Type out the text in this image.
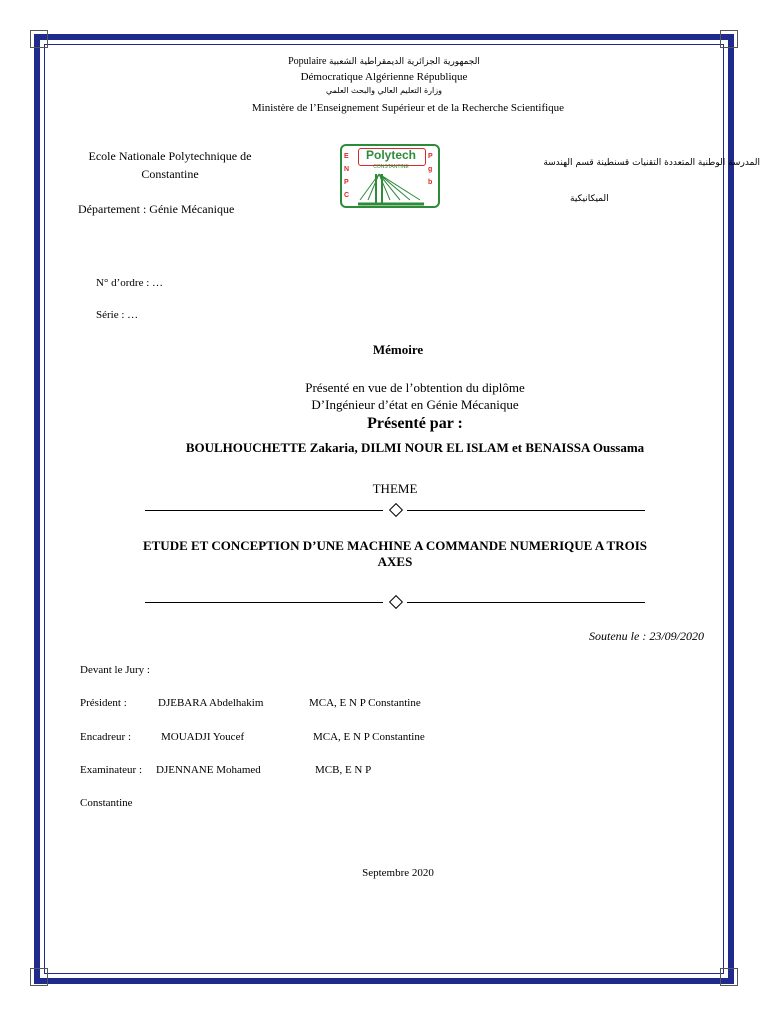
Populaire الجمهورية الجزائرية الديمقراطية الشعبية
Démocratique Algérienne République
وزارة التعليم العالي والبحث العلمي
Ministère de l’Enseignement Supérieur et de la Recherche Scientifique
Ecole Nationale Polytechnique de
Constantine
Département : Génie Mécanique
Polytech
CONSTANTINE
ENPC
Pgb
المدرسة الوطنية المتعددة التقنيات قسنطينة قسم الهندسة
الميكانيكية
N° d’ordre : …
Série : …
Mémoire
Présenté en vue de l’obtention du diplôme
D’Ingénieur d’état en Génie Mécanique
Présenté par :
BOULHOUCHETTE Zakaria, DILMI NOUR EL ISLAM et BENAISSA Oussama
THEME
ETUDE ET CONCEPTION D’UNE MACHINE A COMMANDE NUMERIQUE A TROIS
AXES
Soutenu le : 23/09/2020
Devant le Jury :
Président :	DJEBARA Abdelhakim	MCA, E N P Constantine
Encadreur :	MOUADJI Youcef	MCA, E N P Constantine
Examinateur : DJENNANE Mohamed	MCB, E N P
Constantine
Septembre 2020
